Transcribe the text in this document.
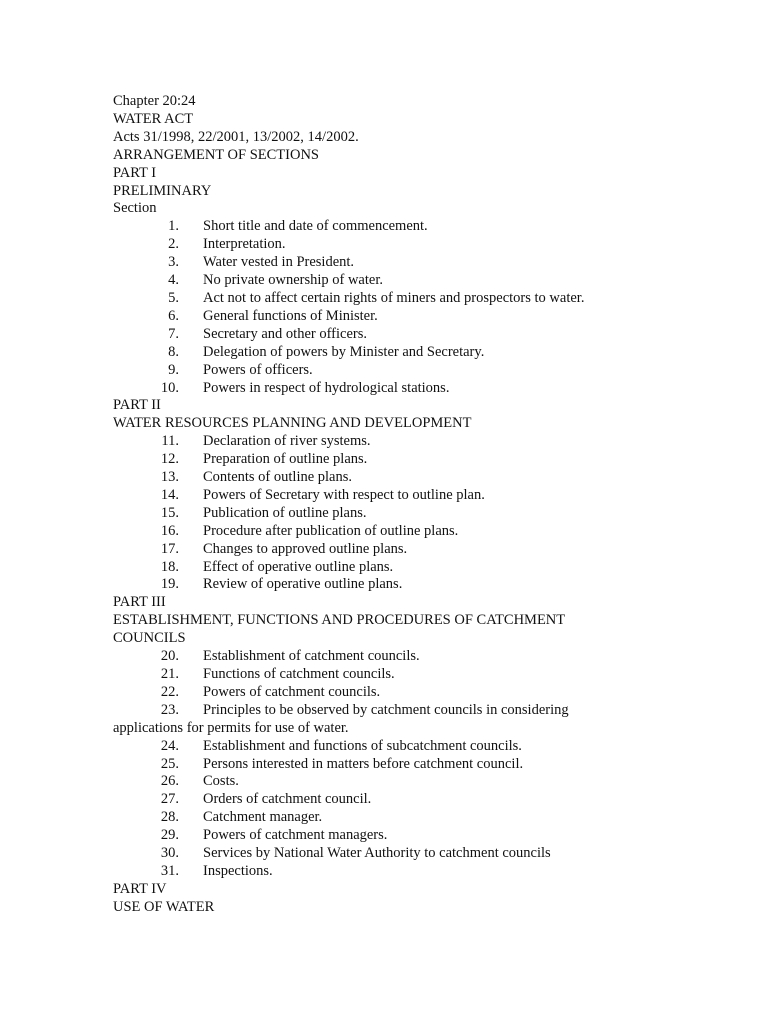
Chapter 20:24
WATER ACT
Acts 31/1998, 22/2001, 13/2002, 14/2002.
ARRANGEMENT OF SECTIONS
PART I
PRELIMINARY
Section
1. Short title and date of commencement.
2. Interpretation.
3. Water vested in President.
4. No private ownership of water.
5. Act not to affect certain rights of miners and prospectors to water.
6. General functions of Minister.
7. Secretary and other officers.
8. Delegation of powers by Minister and Secretary.
9. Powers of officers.
10. Powers in respect of hydrological stations.
PART II
WATER RESOURCES PLANNING AND DEVELOPMENT
11. Declaration of river systems.
12. Preparation of outline plans.
13. Contents of outline plans.
14. Powers of Secretary with respect to outline plan.
15. Publication of outline plans.
16. Procedure after publication of outline plans.
17. Changes to approved outline plans.
18. Effect of operative outline plans.
19. Review of operative outline plans.
PART III
ESTABLISHMENT, FUNCTIONS AND PROCEDURES OF CATCHMENT
COUNCILS
20. Establishment of catchment councils.
21. Functions of catchment councils.
22. Powers of catchment councils.
23. Principles to be observed by catchment councils in considering
applications for permits for use of water.
24. Establishment and functions of subcatchment councils.
25. Persons interested in matters before catchment council.
26. Costs.
27. Orders of catchment council.
28. Catchment manager.
29. Powers of catchment managers.
30. Services by National Water Authority to catchment councils
31. Inspections.
PART IV
USE OF WATER
